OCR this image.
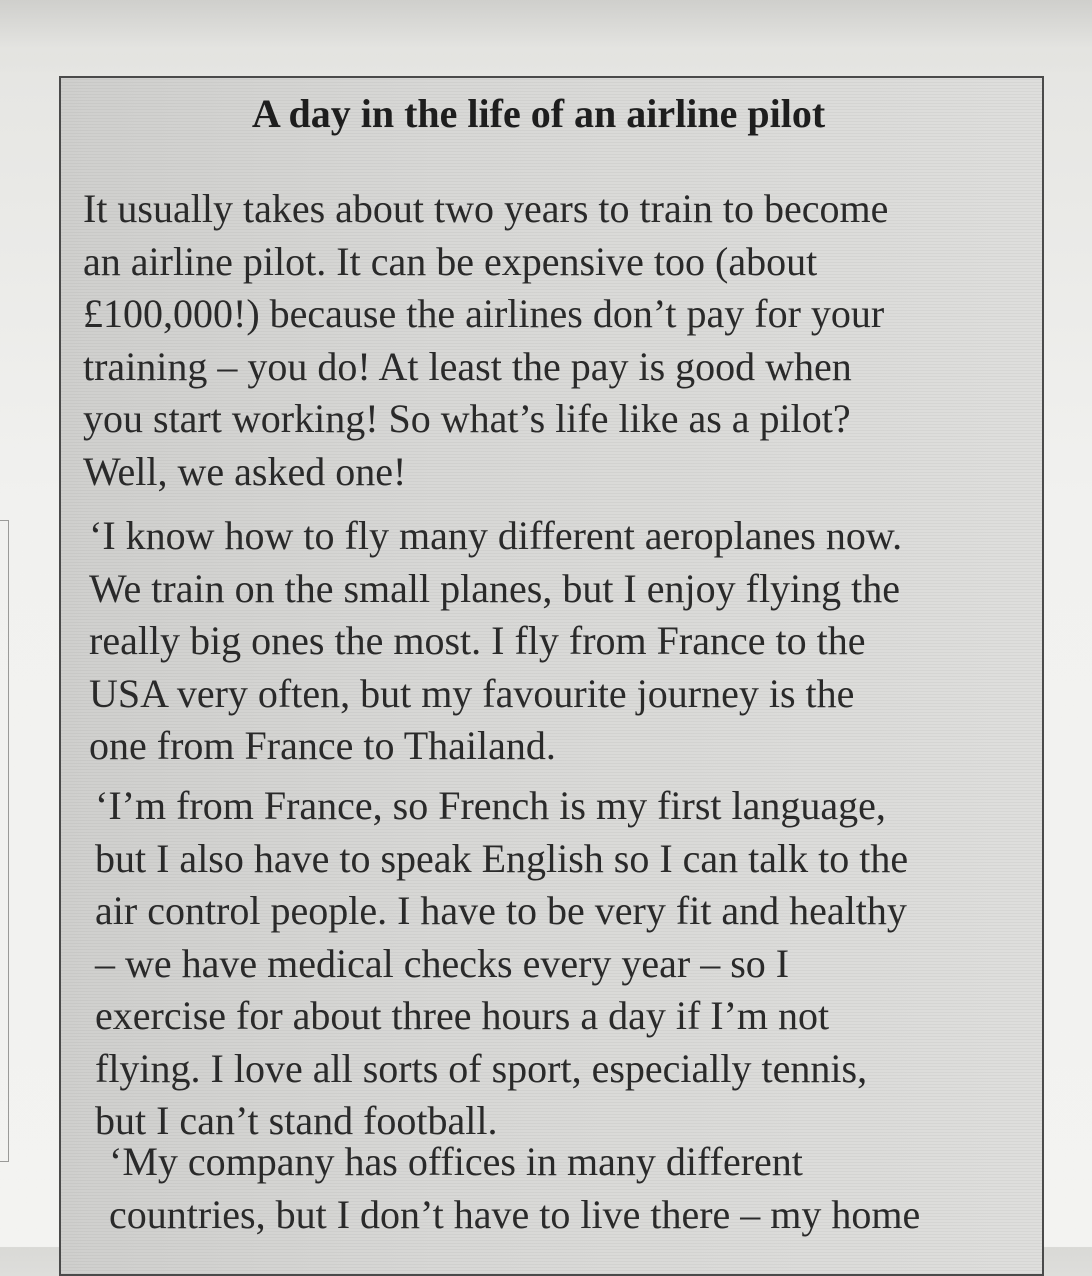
A day in the life of an airline pilot

It usually takes about two years to train to become
an airline pilot. It can be expensive too (about
£100,000!) because the airlines don’t pay for your
training – you do! At least the pay is good when
you start working! So what’s life like as a pilot?
Well, we asked one!

‘I know how to fly many different aeroplanes now.
We train on the small planes, but I enjoy flying the
really big ones the most. I fly from France to the
USA very often, but my favourite journey is the
one from France to Thailand.

‘I’m from France, so French is my first language,
but I also have to speak English so I can talk to the
air control people. I have to be very fit and healthy
– we have medical checks every year – so I
exercise for about three hours a day if I’m not
flying. I love all sorts of sport, especially tennis,
but I can’t stand football.

‘My company has offices in many different
countries, but I don’t have to live there – my home
